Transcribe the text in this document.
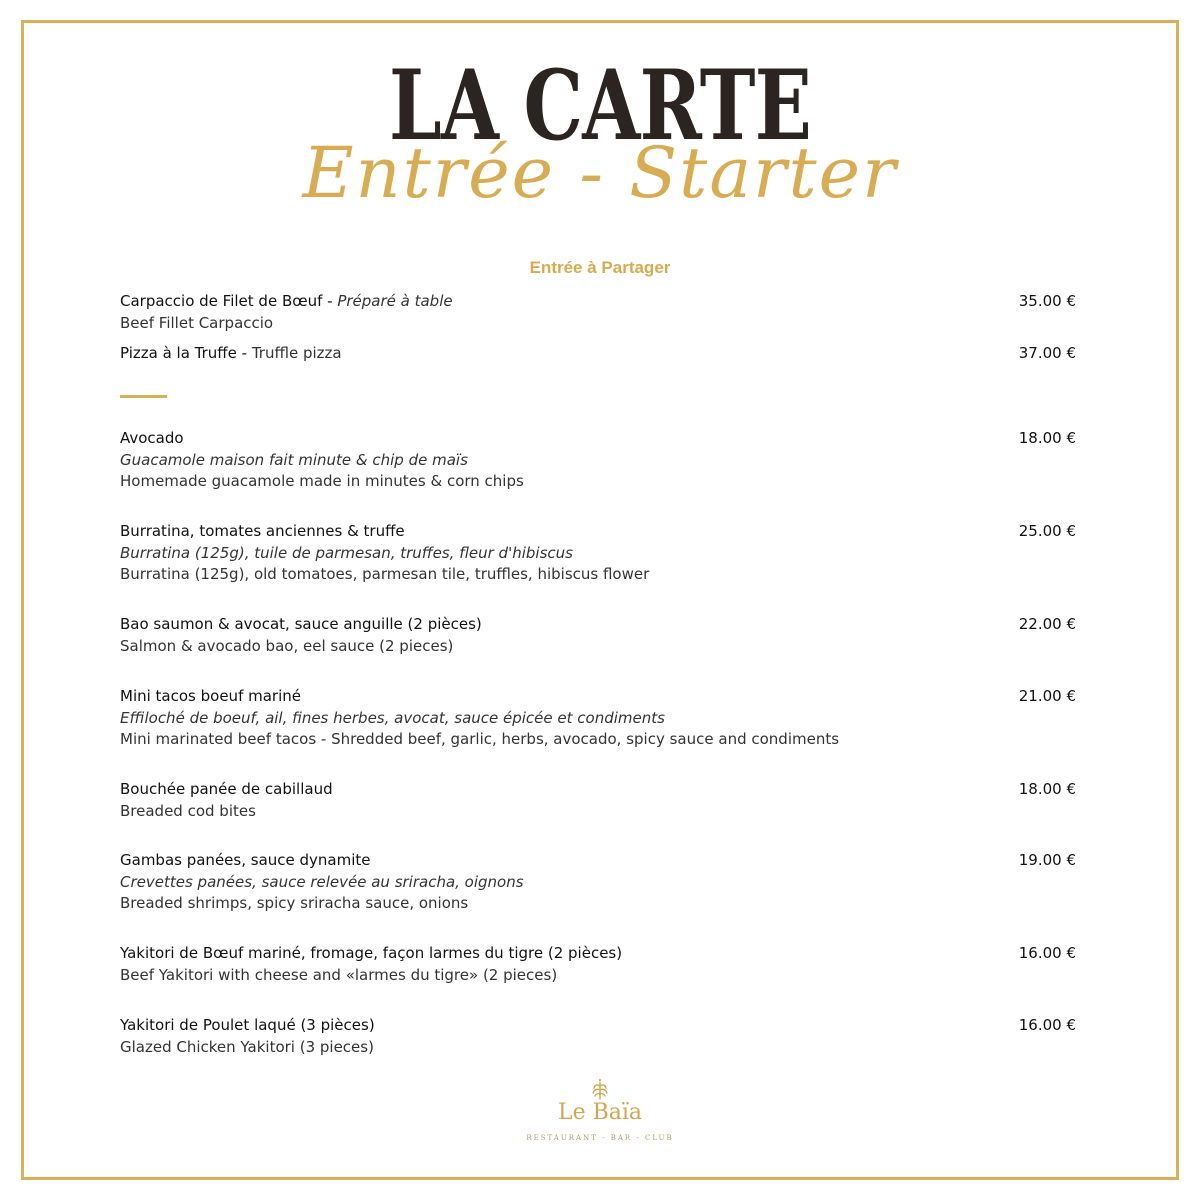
LA CARTE
Entrée - Starter
Entrée à Partager
Carpaccio de Filet de Bœuf - Préparé à table	35.00 €
Beef Fillet Carpaccio
Pizza à la Truffe - Truffle pizza	37.00 €
Avocado	18.00 €
Guacamole maison fait minute & chip de maïs
Homemade guacamole made in minutes & corn chips
Burratina, tomates anciennes & truffe	25.00 €
Burratina (125g), tuile de parmesan, truffes, fleur d'hibiscus
Burratina (125g), old tomatoes, parmesan tile, truffles, hibiscus flower
Bao saumon & avocat, sauce anguille (2 pièces)	22.00 €
Salmon & avocado bao, eel sauce (2 pieces)
Mini tacos boeuf mariné	21.00 €
Effiloché de boeuf, ail, fines herbes, avocat, sauce épicée et condiments
Mini marinated beef tacos - Shredded beef, garlic, herbs, avocado, spicy sauce and condiments
Bouchée panée de cabillaud	18.00 €
Breaded cod bites
Gambas panées, sauce dynamite	19.00 €
Crevettes panées, sauce relevée au sriracha, oignons
Breaded shrimps, spicy sriracha sauce, onions
Yakitori de Bœuf mariné, fromage, façon larmes du tigre (2 pièces)	16.00 €
Beef Yakitori with cheese and «larmes du tigre» (2 pieces)
Yakitori de Poulet laqué (3 pièces)	16.00 €
Glazed Chicken Yakitori (3 pieces)
Le Baïa
RESTAURANT - BAR - CLUB
